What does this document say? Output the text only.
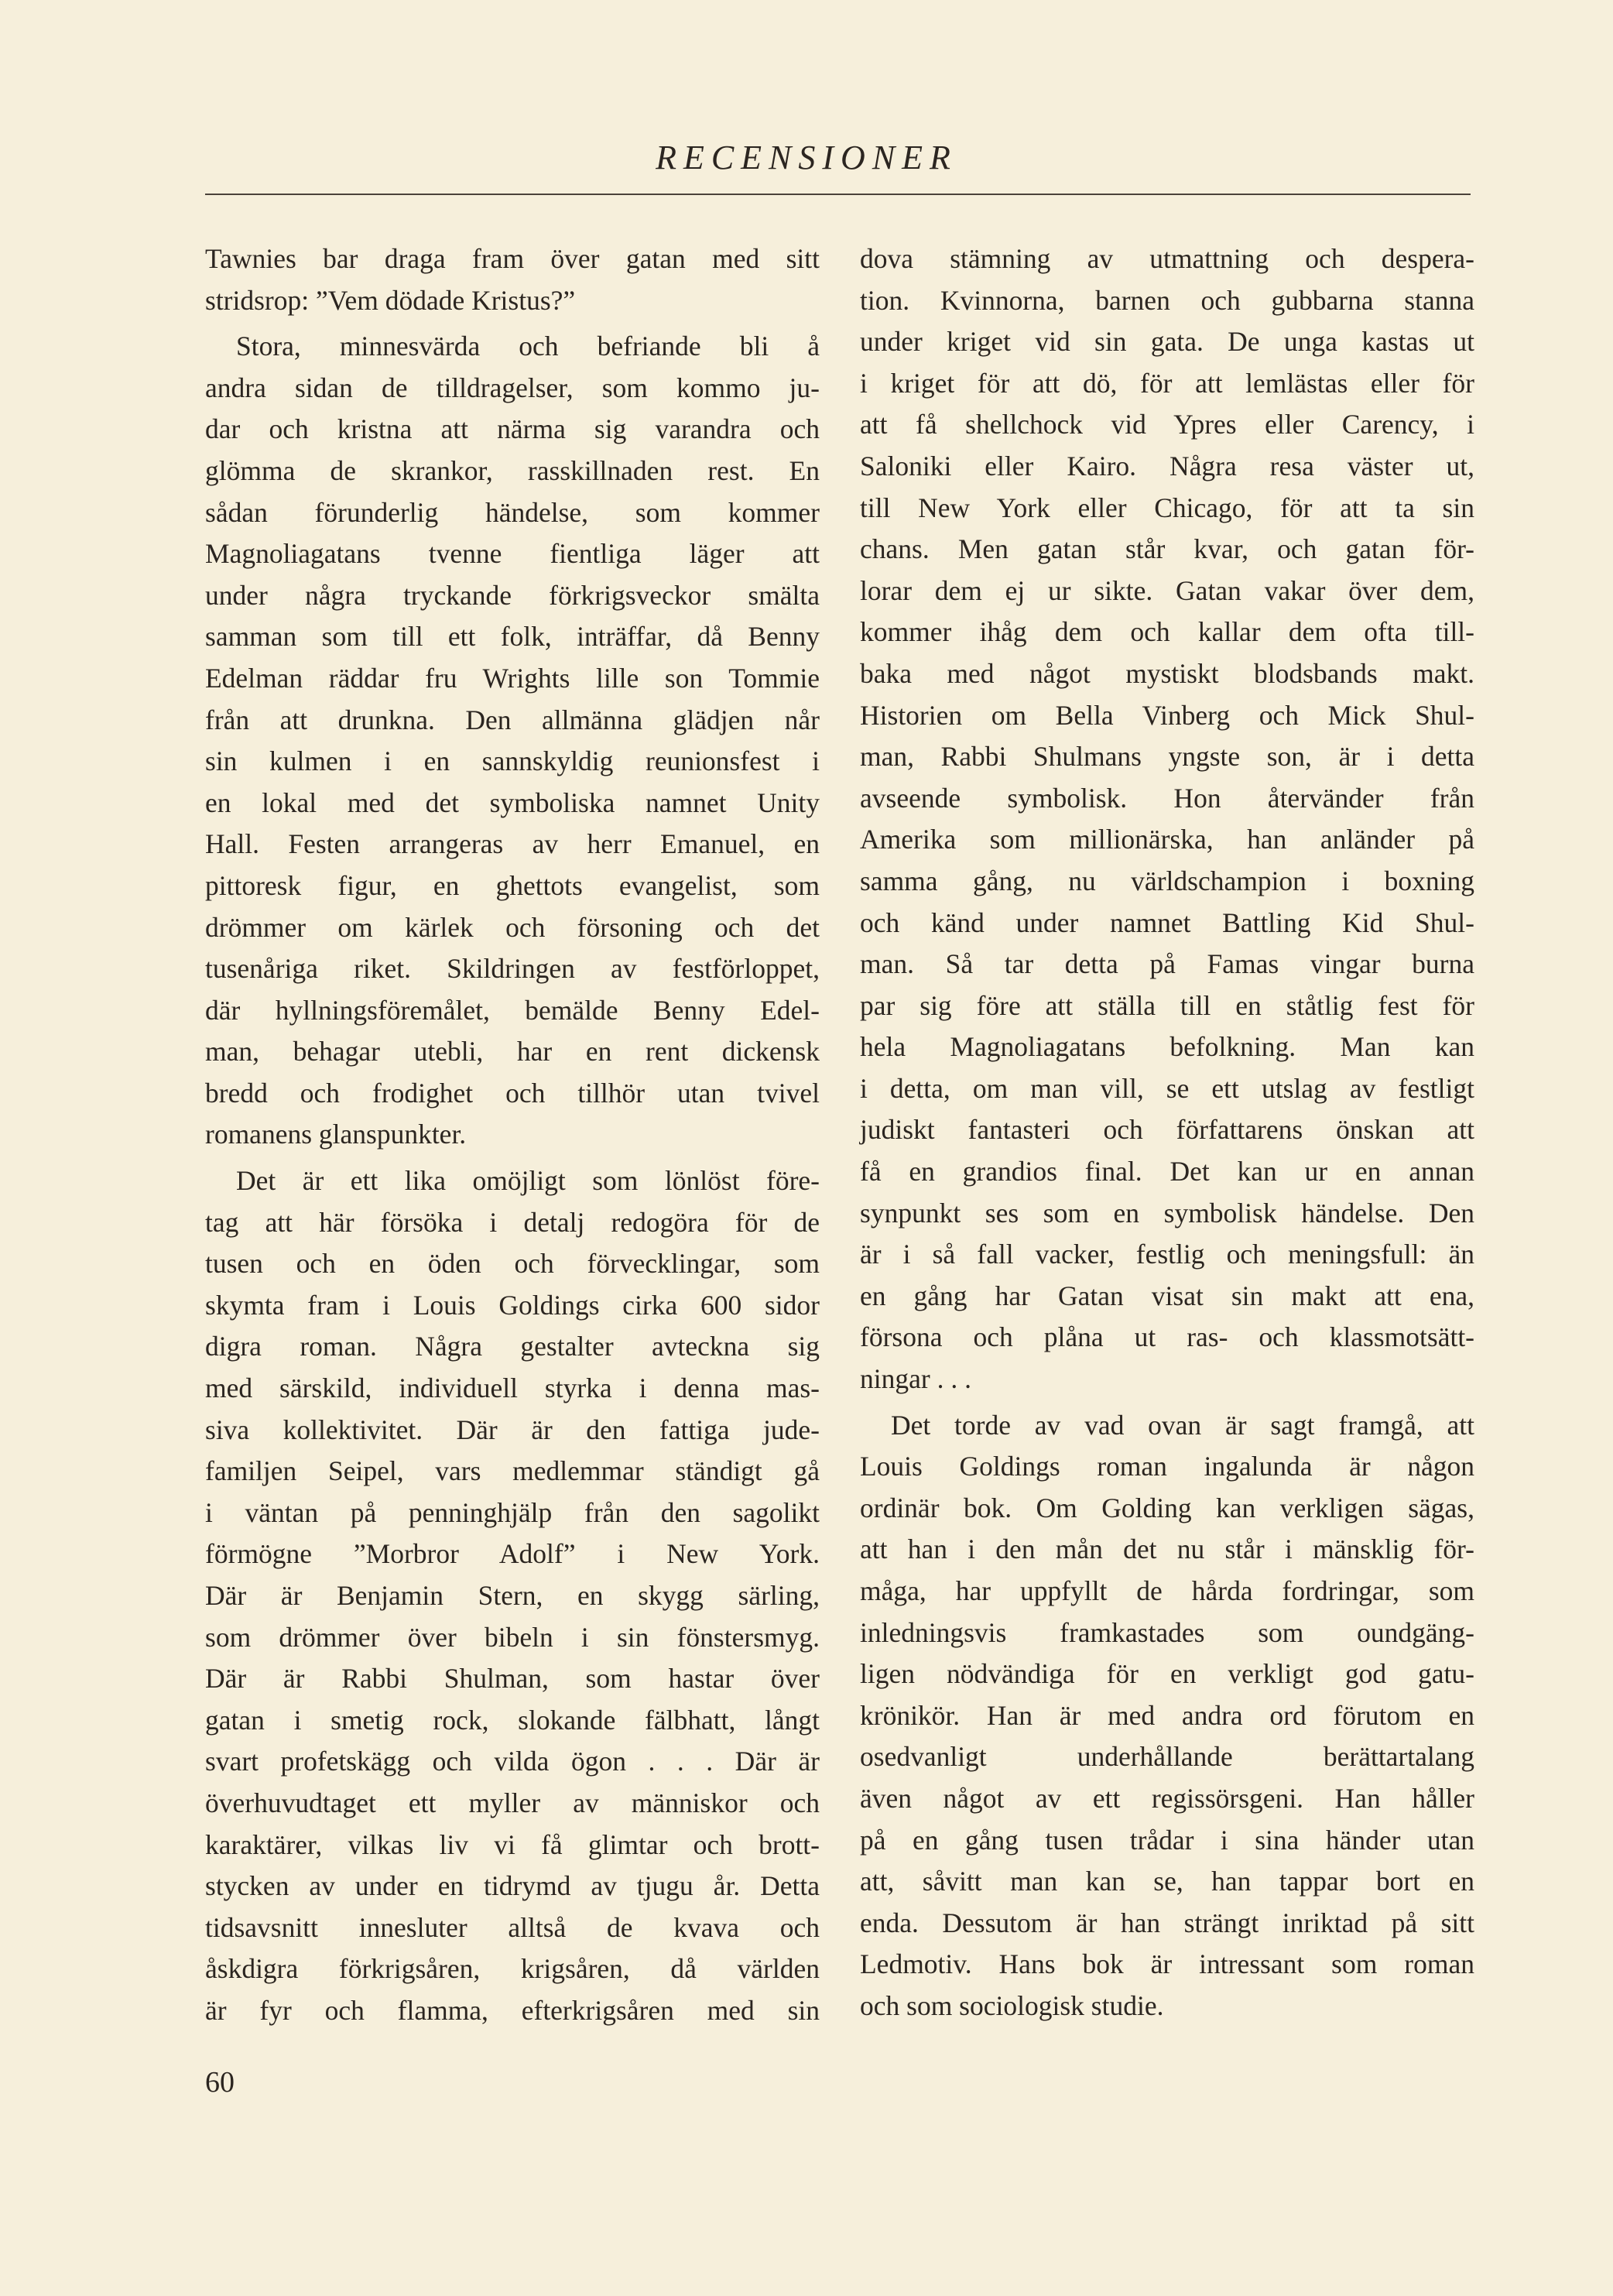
RECENSIONER
Tawnies bar draga fram över gatan med sitt
stridsrop: ”Vem dödade Kristus?”
Stora, minnesvärda och befriande bli å
andra sidan de tilldragelser, som kommo ju-
dar och kristna att närma sig varandra och
glömma de skrankor, rasskillnaden rest. En
sådan förunderlig händelse, som kommer
Magnoliagatans tvenne fientliga läger att
under några tryckande förkrigsveckor smälta
samman som till ett folk, inträffar, då Benny
Edelman räddar fru Wrights lille son Tommie
från att drunkna. Den allmänna glädjen når
sin kulmen i en sannskyldig reunionsfest i
en lokal med det symboliska namnet Unity
Hall. Festen arrangeras av herr Emanuel, en
pittoresk figur, en ghettots evangelist, som
drömmer om kärlek och försoning och det
tusenåriga riket. Skildringen av festförloppet,
där hyllningsföremålet, bemälde Benny Edel-
man, behagar utebli, har en rent dickensk
bredd och frodighet och tillhör utan tvivel
romanens glanspunkter.
Det är ett lika omöjligt som lönlöst före-
tag att här försöka i detalj redogöra för de
tusen och en öden och förvecklingar, som
skymta fram i Louis Goldings cirka 600 sidor
digra roman. Några gestalter avteckna sig
med särskild, individuell styrka i denna mas-
siva kollektivitet. Där är den fattiga jude-
familjen Seipel, vars medlemmar ständigt gå
i väntan på penninghjälp från den sagolikt
förmögne ”Morbror Adolf” i New York.
Där är Benjamin Stern, en skygg särling,
som drömmer över bibeln i sin fönstersmyg.
Där är Rabbi Shulman, som hastar över
gatan i smetig rock, slokande fälbhatt, långt
svart profetskägg och vilda ögon . . . Där är
överhuvudtaget ett myller av människor och
karaktärer, vilkas liv vi få glimtar och brott-
stycken av under en tidrymd av tjugu år. Detta
tidsavsnitt innesluter alltså de kvava och
åskdigra förkrigsåren, krigsåren, då världen
är fyr och flamma, efterkrigsåren med sin
dova stämning av utmattning och despera-
tion. Kvinnorna, barnen och gubbarna stanna
under kriget vid sin gata. De unga kastas ut
i kriget för att dö, för att lemlästas eller för
att få shellchock vid Ypres eller Carency, i
Saloniki eller Kairo. Några resa väster ut,
till New York eller Chicago, för att ta sin
chans. Men gatan står kvar, och gatan för-
lorar dem ej ur sikte. Gatan vakar över dem,
kommer ihåg dem och kallar dem ofta till-
baka med något mystiskt blodsbands makt.
Historien om Bella Vinberg och Mick Shul-
man, Rabbi Shulmans yngste son, är i detta
avseende symbolisk. Hon återvänder från
Amerika som millionärska, han anländer på
samma gång, nu världschampion i boxning
och känd under namnet Battling Kid Shul-
man. Så tar detta på Famas vingar burna
par sig före att ställa till en ståtlig fest för
hela Magnoliagatans befolkning. Man kan
i detta, om man vill, se ett utslag av festligt
judiskt fantasteri och författarens önskan att
få en grandios final. Det kan ur en annan
synpunkt ses som en symbolisk händelse. Den
är i så fall vacker, festlig och meningsfull: än
en gång har Gatan visat sin makt att ena,
försona och plåna ut ras- och klassmotsätt-
ningar . . .
Det torde av vad ovan är sagt framgå, att
Louis Goldings roman ingalunda är någon
ordinär bok. Om Golding kan verkligen sägas,
att han i den mån det nu står i mänsklig för-
måga, har uppfyllt de hårda fordringar, som
inledningsvis framkastades som oundgäng-
ligen nödvändiga för en verkligt god gatu-
krönikör. Han är med andra ord förutom en
osedvanligt underhållande berättartalang
även något av ett regissörsgeni. Han håller
på en gång tusen trådar i sina händer utan
att, såvitt man kan se, han tappar bort en
enda. Dessutom är han strängt inriktad på sitt
Ledmotiv. Hans bok är intressant som roman
och som sociologisk studie.
60
